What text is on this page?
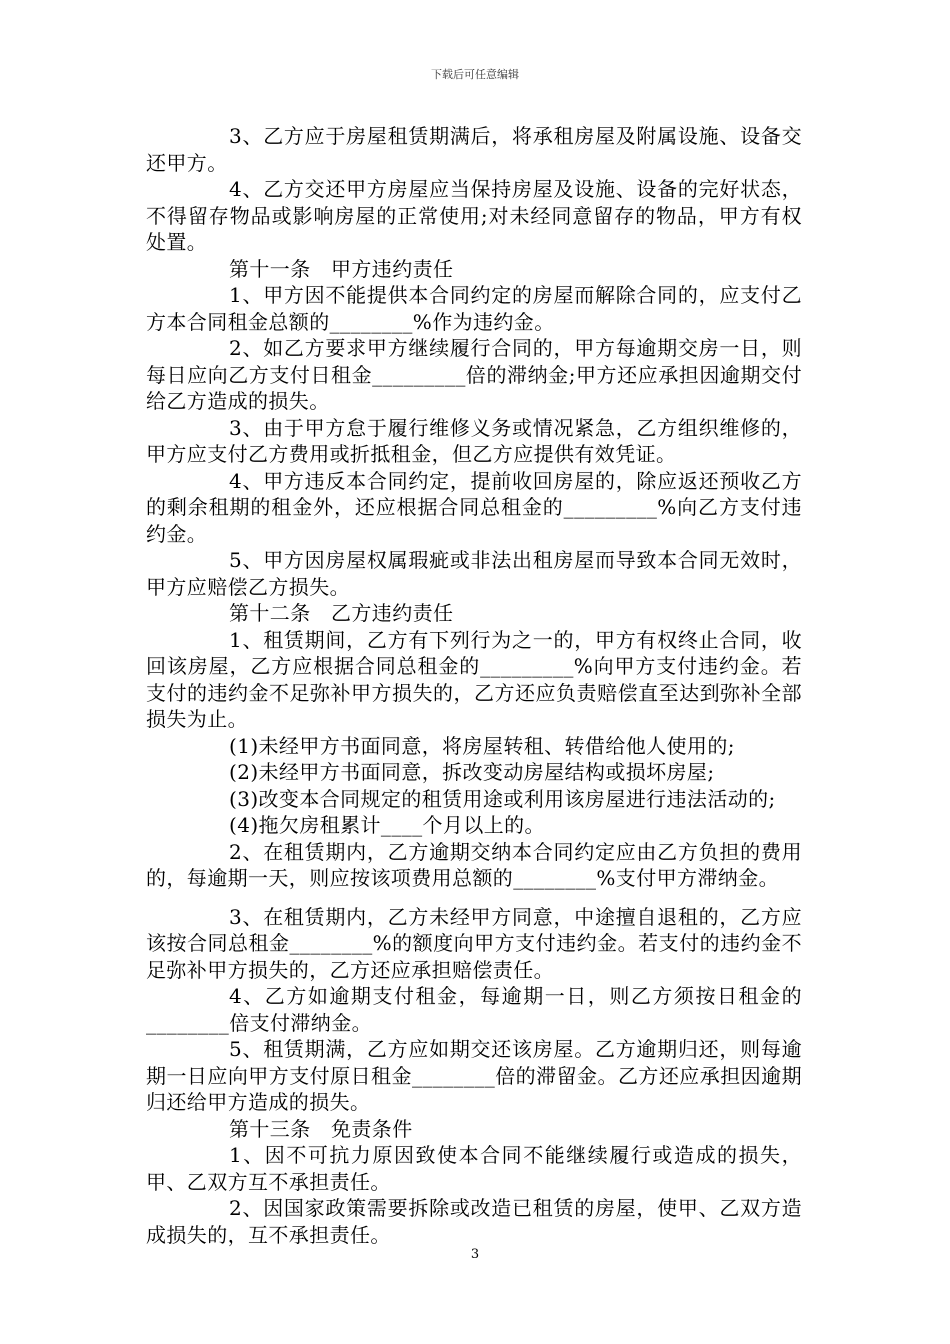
下载后可任意编辑

3、乙方应于房屋租赁期满后，将承租房屋及附属设施、设备交还甲方。

4、乙方交还甲方房屋应当保持房屋及设施、设备的完好状态，不得留存物品或影响房屋的正常使用;对未经同意留存的物品，甲方有权处置。

第十一条　甲方违约责任

1、甲方因不能提供本合同约定的房屋而解除合同的，应支付乙方本合同租金总额的________%作为违约金。

2、如乙方要求甲方继续履行合同的，甲方每逾期交房一日，则每日应向乙方支付日租金_________倍的滞纳金;甲方还应承担因逾期交付给乙方造成的损失。

3、由于甲方怠于履行维修义务或情况紧急，乙方组织维修的，甲方应支付乙方费用或折抵租金，但乙方应提供有效凭证。

4、甲方违反本合同约定，提前收回房屋的，除应返还预收乙方的剩余租期的租金外，还应根据合同总租金的_________%向乙方支付违约金。

5、甲方因房屋权属瑕疵或非法出租房屋而导致本合同无效时，甲方应赔偿乙方损失。

第十二条　乙方违约责任

1、租赁期间，乙方有下列行为之一的，甲方有权终止合同，收回该房屋，乙方应根据合同总租金的_________%向甲方支付违约金。若支付的违约金不足弥补甲方损失的，乙方还应负责赔偿直至达到弥补全部损失为止。

(1)未经甲方书面同意，将房屋转租、转借给他人使用的;

(2)未经甲方书面同意，拆改变动房屋结构或损坏房屋;

(3)改变本合同规定的租赁用途或利用该房屋进行违法活动的;

(4)拖欠房租累计____个月以上的。

2、在租赁期内，乙方逾期交纳本合同约定应由乙方负担的费用的，每逾期一天，则应按该项费用总额的________%支付甲方滞纳金。

3、在租赁期内，乙方未经甲方同意，中途擅自退租的，乙方应该按合同总租金________%的额度向甲方支付违约金。若支付的违约金不足弥补甲方损失的，乙方还应承担赔偿责任。

4、乙方如逾期支付租金，每逾期一日，则乙方须按日租金的________倍支付滞纳金。

5、租赁期满，乙方应如期交还该房屋。乙方逾期归还，则每逾期一日应向甲方支付原日租金________倍的滞留金。乙方还应承担因逾期归还给甲方造成的损失。

第十三条　免责条件

1、因不可抗力原因致使本合同不能继续履行或造成的损失，甲、乙双方互不承担责任。

2、因国家政策需要拆除或改造已租赁的房屋，使甲、乙双方造成损失的，互不承担责任。

3
